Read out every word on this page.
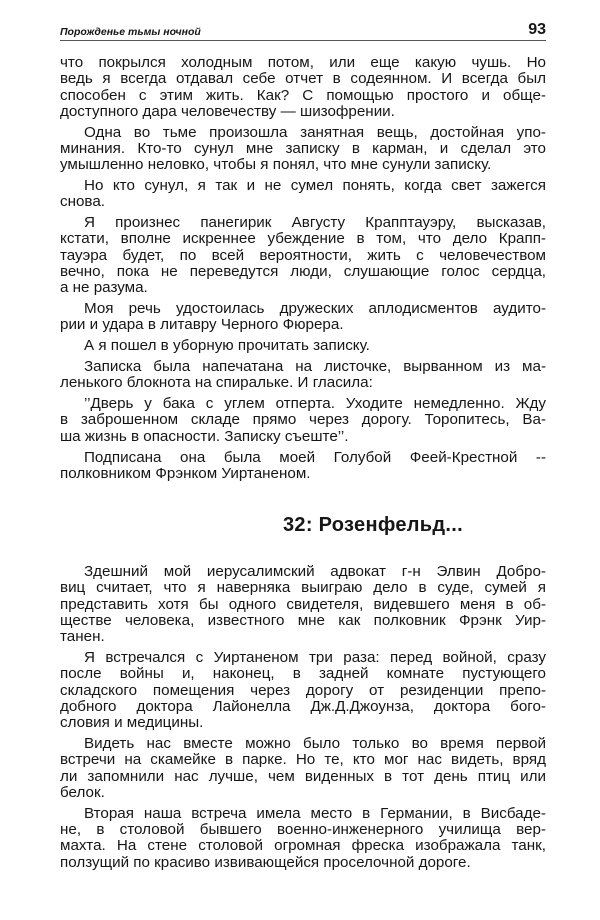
Порожденье тьмы ночной	93
что покрылся холодным потом, или еще какую чушь. Но
ведь я всегда отдавал себе отчет в содеянном. И всегда был
способен с этим жить. Как? С помощью простого и обще-
доступного дара человечеству — шизофрении.
Одна во тьме произошла занятная вещь, достойная упо-
минания. Кто-то сунул мне записку в карман, и сделал это
умышленно неловко, чтобы я понял, что мне сунули записку.
Но кто сунул, я так и не сумел понять, когда свет зажегся
снова.
Я произнес панегирик Августу Крапптауэру, высказав,
кстати, вполне искреннее убеждение в том, что дело Крапп-
тауэра будет, по всей вероятности, жить с человечеством
вечно, пока не переведутся люди, слушающие голос сердца,
а не разума.
Моя речь удостоилась дружеских аплодисментов аудито-
рии и удара в литавру Черного Фюрера.
А я пошел в уборную прочитать записку.
Записка была напечатана на листочке, вырванном из ма-
ленького блокнота на спиральке. И гласила:
’’Дверь у бака с углем отперта. Уходите немедленно. Жду
в заброшенном складе прямо через дорогу. Торопитесь, Ва-
ша жизнь в опасности. Записку съеште’’.
Подписана она была моей Голубой Феей-Крестной --
полковником Фрэнком Уиртаненом.
32: Розенфельд...
Здешний мой иерусалимский адвокат г-н Элвин Добро-
виц считает, что я наверняка выиграю дело в суде, сумей я
представить хотя бы одного свидетеля, видевшего меня в об-
ществе человека, известного мне как полковник Фрэнк Уир-
танен.
Я встречался с Уиртаненом три раза: перед войной, сразу
после войны и, наконец, в задней комнате пустующего
складского помещения через дорогу от резиденции препо-
добного доктора Лайонелла Дж.Д.Джоунза, доктора бого-
словия и медицины.
Видеть нас вместе можно было только во время первой
встречи на скамейке в парке. Но те, кто мог нас видеть, вряд
ли запомнили нас лучше, чем виденных в тот день птиц или
белок.
Вторая наша встреча имела место в Германии, в Висбаде-
не, в столовой бывшего военно-инженерного училища вер-
махта. На стене столовой огромная фреска изображала танк,
ползущий по красиво извивающейся проселочной дороге.
